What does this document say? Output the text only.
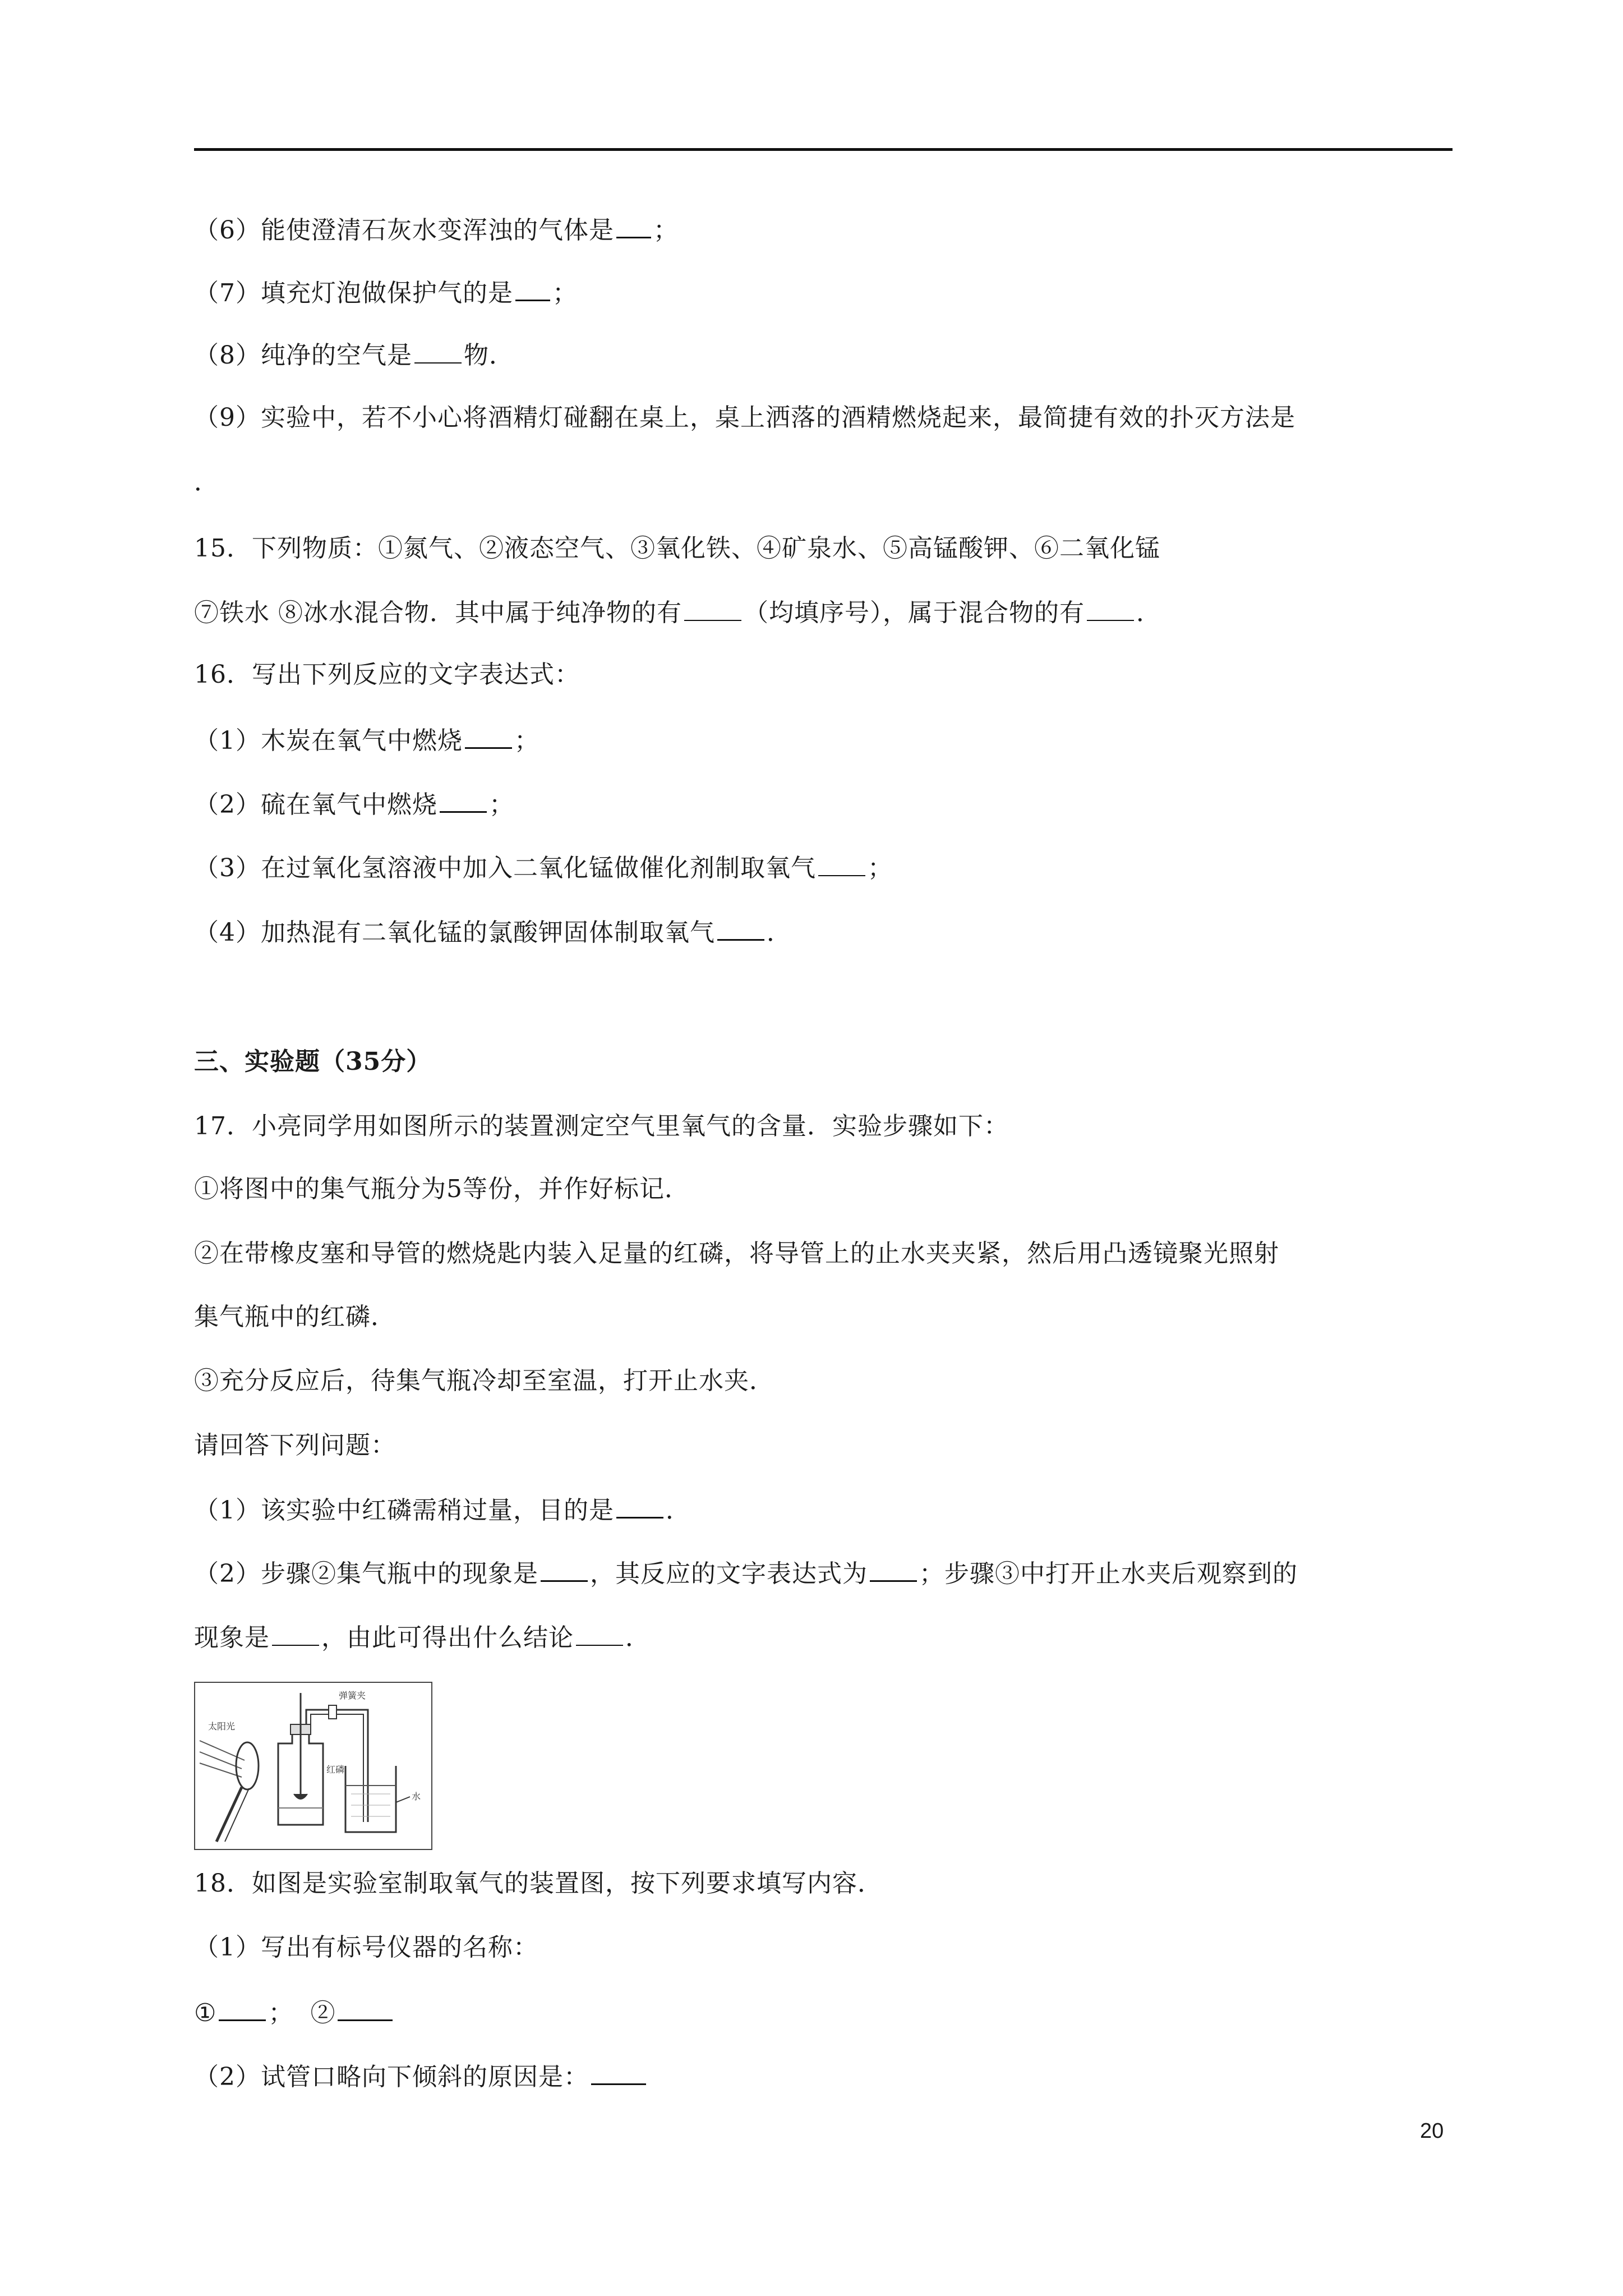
（6）能使澄清石灰水变浑浊的气体是 ；
（7）填充灯泡做保护气的是 ；
（8）纯净的空气是 物．
（9）实验中，若不小心将酒精灯碰翻在桌上，桌上洒落的酒精燃烧起来，最简捷有效的扑灭方法是
．
15．下列物质：①氮气、②液态空气、③氧化铁、④矿泉水、⑤高锰酸钾、⑥二氧化锰
⑦铁水 ⑧冰水混合物．其中属于纯净物的有	（均填序号），属于混合物的有 ．
16．写出下列反应的文字表达式：
（1）木炭在氧气中燃烧 ；
（2）硫在氧气中燃烧 ；
（3）在过氧化氢溶液中加入二氧化锰做催化剂制取氧气 ；
（4）加热混有二氧化锰的氯酸钾固体制取氧气 ．
三、实验题（35分）
17．小亮同学用如图所示的装置测定空气里氧气的含量．实验步骤如下：
①将图中的集气瓶分为5等份，并作好标记．
②在带橡皮塞和导管的燃烧匙内装入足量的红磷，将导管上的止水夹夹紧，然后用凸透镜聚光照射
集气瓶中的红磷．
③充分反应后，待集气瓶冷却至室温，打开止水夹．
请回答下列问题：
（1）该实验中红磷需稍过量，目的是 ．
（2）步骤②集气瓶中的现象是 ，其反应的文字表达式为 ；步骤③中打开止水夹后观察到的
现象是 ，由此可得出什么结论 ．
太阳光
红磷
弹簧夹
水
18．如图是实验室制取氧气的装置图，按下列要求填写内容．
（1）写出有标号仪器的名称：
① ； ②
（2）试管口略向下倾斜的原因是：
20
